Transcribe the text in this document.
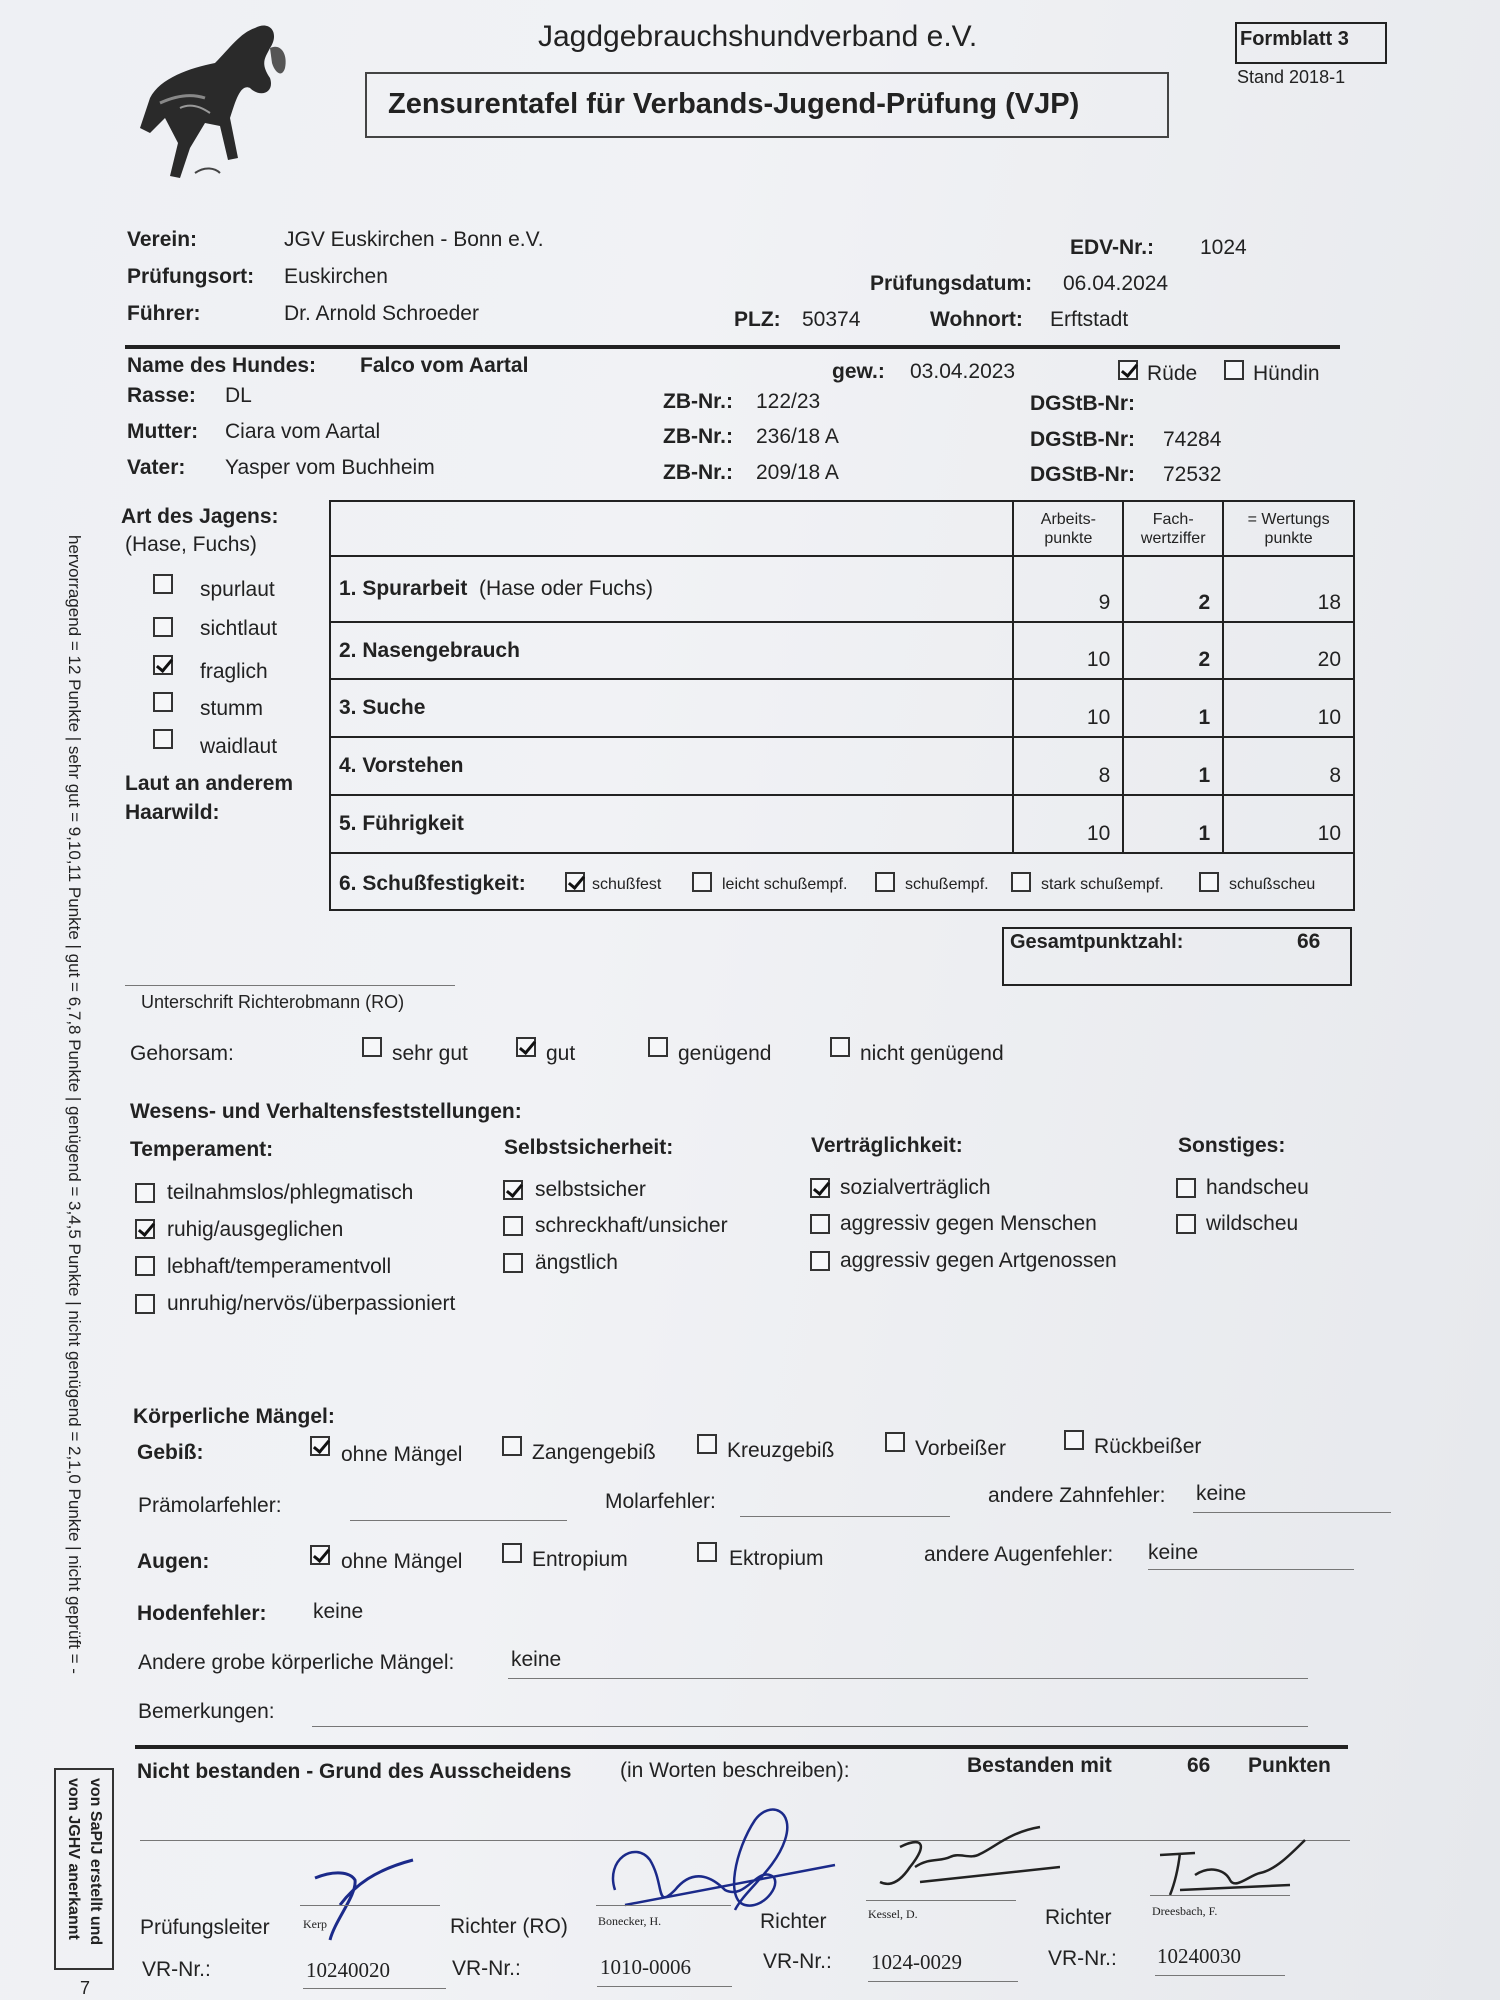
Jagdgebrauchshundverband e.V.
Zensurentafel für Verbands-Jugend-Prüfung (VJP)
Formblatt 3
Stand 2018-1
hervorragend = 12 Punkte | sehr gut = 9,10,11 Punkte | gut = 6,7,8 Punkte | genügend = 3,4,5 Punkte | nicht genügend = 2,1,0 Punkte | nicht geprüft = -
von SaPIJ erstellt und
vom JGHV anerkannt
7
Verein:	JGV Euskirchen - Bonn e.V.	EDV-Nr.: 1024
Prüfungsort: Euskirchen	Prüfungsdatum: 06.04.2024
Führer:	Dr. Arnold Schroeder	PLZ: 50374	Wohnort: Erftstadt
Name des Hundes: Falco vom Aartal	gew.: 03.04.2023	Rüde	Hündin
Rasse: DL	ZB-Nr.: 122/23	DGStB-Nr:
Mutter: Ciara vom Aartal	ZB-Nr.: 236/18 A	DGStB-Nr: 74284
Vater: Yasper vom Buchheim	ZB-Nr.: 209/18 A	DGStB-Nr: 72532
Art des Jagens:
(Hase, Fuchs)
spurlaut
sichtlaut
fraglich
stumm
waidlaut
Laut an anderem
Haarwild:
	Arbeits-
punkte	Fach-
wertziffer	= Wertungs
punkte
1. Spurarbeit (Hase oder Fuchs)	9	2	18
2. Nasengebrauch	10	2	20
3. Suche	10	1	10
4. Vorstehen	8	1	8
5. Führigkeit	10	1	10

6. Schußfestigkeit:	schußfest	leicht schußempf.	schußempf.	stark schußempf.	schußscheu
Gesamtpunktzahl:	66
Unterschrift Richterobmann (RO)
Gehorsam:	sehr gut	gut	genügend	nicht genügend
Wesens- und Verhaltensfeststellungen:
Temperament:	Selbstsicherheit:	Verträglichkeit:	Sonstiges:
teilnahmslos/phlegmatisch
ruhig/ausgeglichen
lebhaft/temperamentvoll
unruhig/nervös/überpassioniert
selbstsicher
schreckhaft/unsicher
ängstlich
sozialverträglich
aggressiv gegen Menschen
aggressiv gegen Artgenossen
handscheu
wildscheu
Körperliche Mängel:
Gebiß:	ohne Mängel	Zangengebiß	Kreuzgebiß	Vorbeißer	Rückbeißer
Prämolarfehler:	Molarfehler:	andere Zahnfehler: keine
Augen:	ohne Mängel	Entropium	Ektropium	andere Augenfehler: keine
Hodenfehler: keine
Andere grobe körperliche Mängel:	keine
Bemerkungen:
Nicht bestanden - Grund des Ausscheidens (in Worten beschreiben):	Bestanden mit	66 Punkten
Prüfungsleiter	Kerp
VR-Nr.:	10240020
Richter (RO)	Bonecker, H.
VR-Nr.:	1010-0006
Richter	Kessel, D.
VR-Nr.: 1024-0029
Richter	Dreesbach, F.
VR-Nr.: 10240030
